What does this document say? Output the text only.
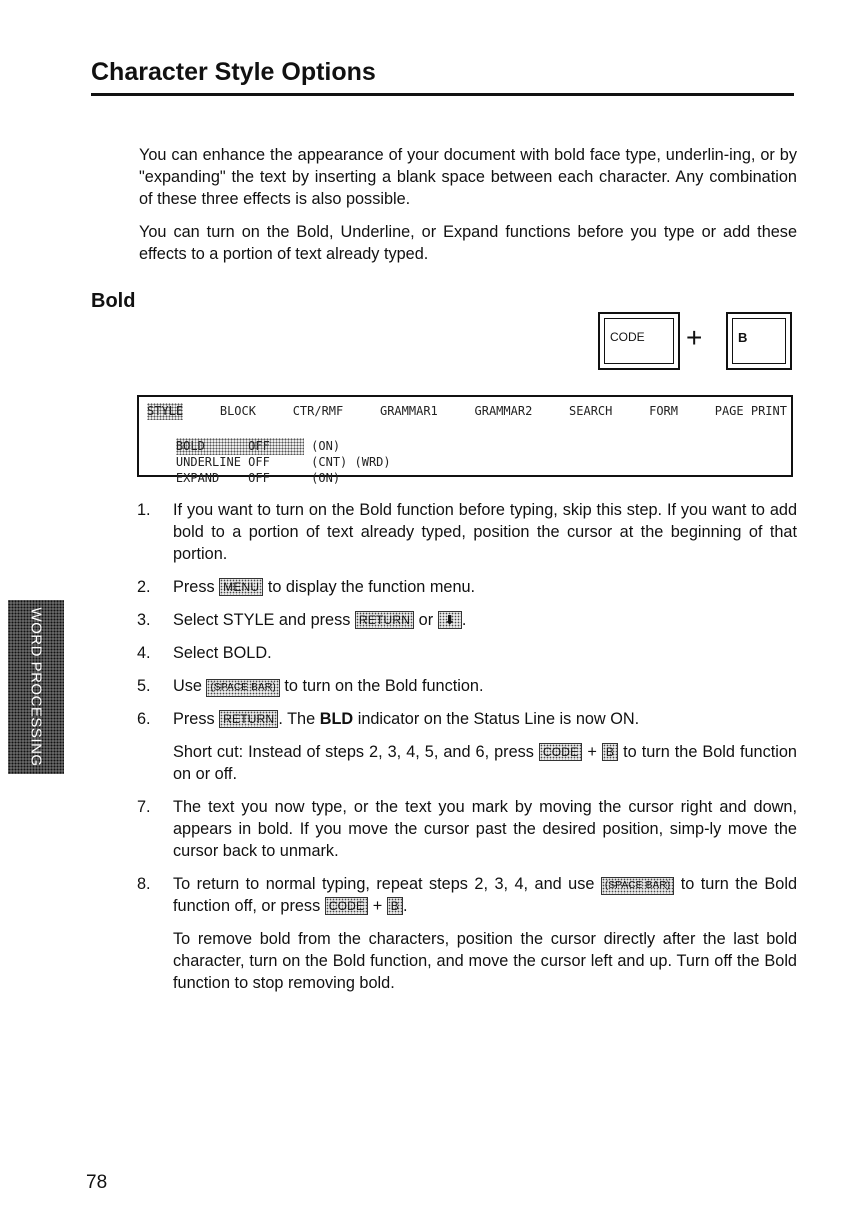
Character Style Options

You can enhance the appearance of your document with bold face type, underlin-ing, or by "expanding" the text by inserting a blank space between each character. Any combination of these three effects is also possible.

You can turn on the Bold, Underline, or Expand functions before you type or add these effects to a portion of text already typed.

Bold
CODE +	B
STYLE	BLOCK	CTR/RMF	GRAMMAR1	GRAMMAR2	SEARCH	FORM	PAGE PRINT

BOLD	OFF	(ON)

UNDERLINE OFF	(CNT) (WRD)

EXPAND OFF	(ON)

1. If you want to turn on the Bold function before typing, skip this step. If you want to add bold to a portion of text already typed, position the cursor at the beginning of that portion.
2. Press MENU to display the function menu.
3. Select STYLE and press RETURN or ⬇ .
4. Select BOLD.
5. Use (SPACE BAR) to turn on the Bold function.
6. Press RETURN . The BLD indicator on the Status Line is now ON.

Short cut: Instead of steps 2, 3, 4, 5, and 6, press CODE + B to turn the Bold function on or off.

7. The text you now type, or the text you mark by moving the cursor right and down, appears in bold. If you move the cursor past the desired position, simp-ly move the cursor back to unmark.
8. To return to normal typing, repeat steps 2, 3, 4, and use (SPACE BAR) to turn the Bold function off, or press CODE + B .

To remove bold from the characters, position the cursor directly after the last bold character, turn on the Bold function, and move the cursor left and up. Turn off the Bold function to stop removing bold.

WORD PROCESSING
78
